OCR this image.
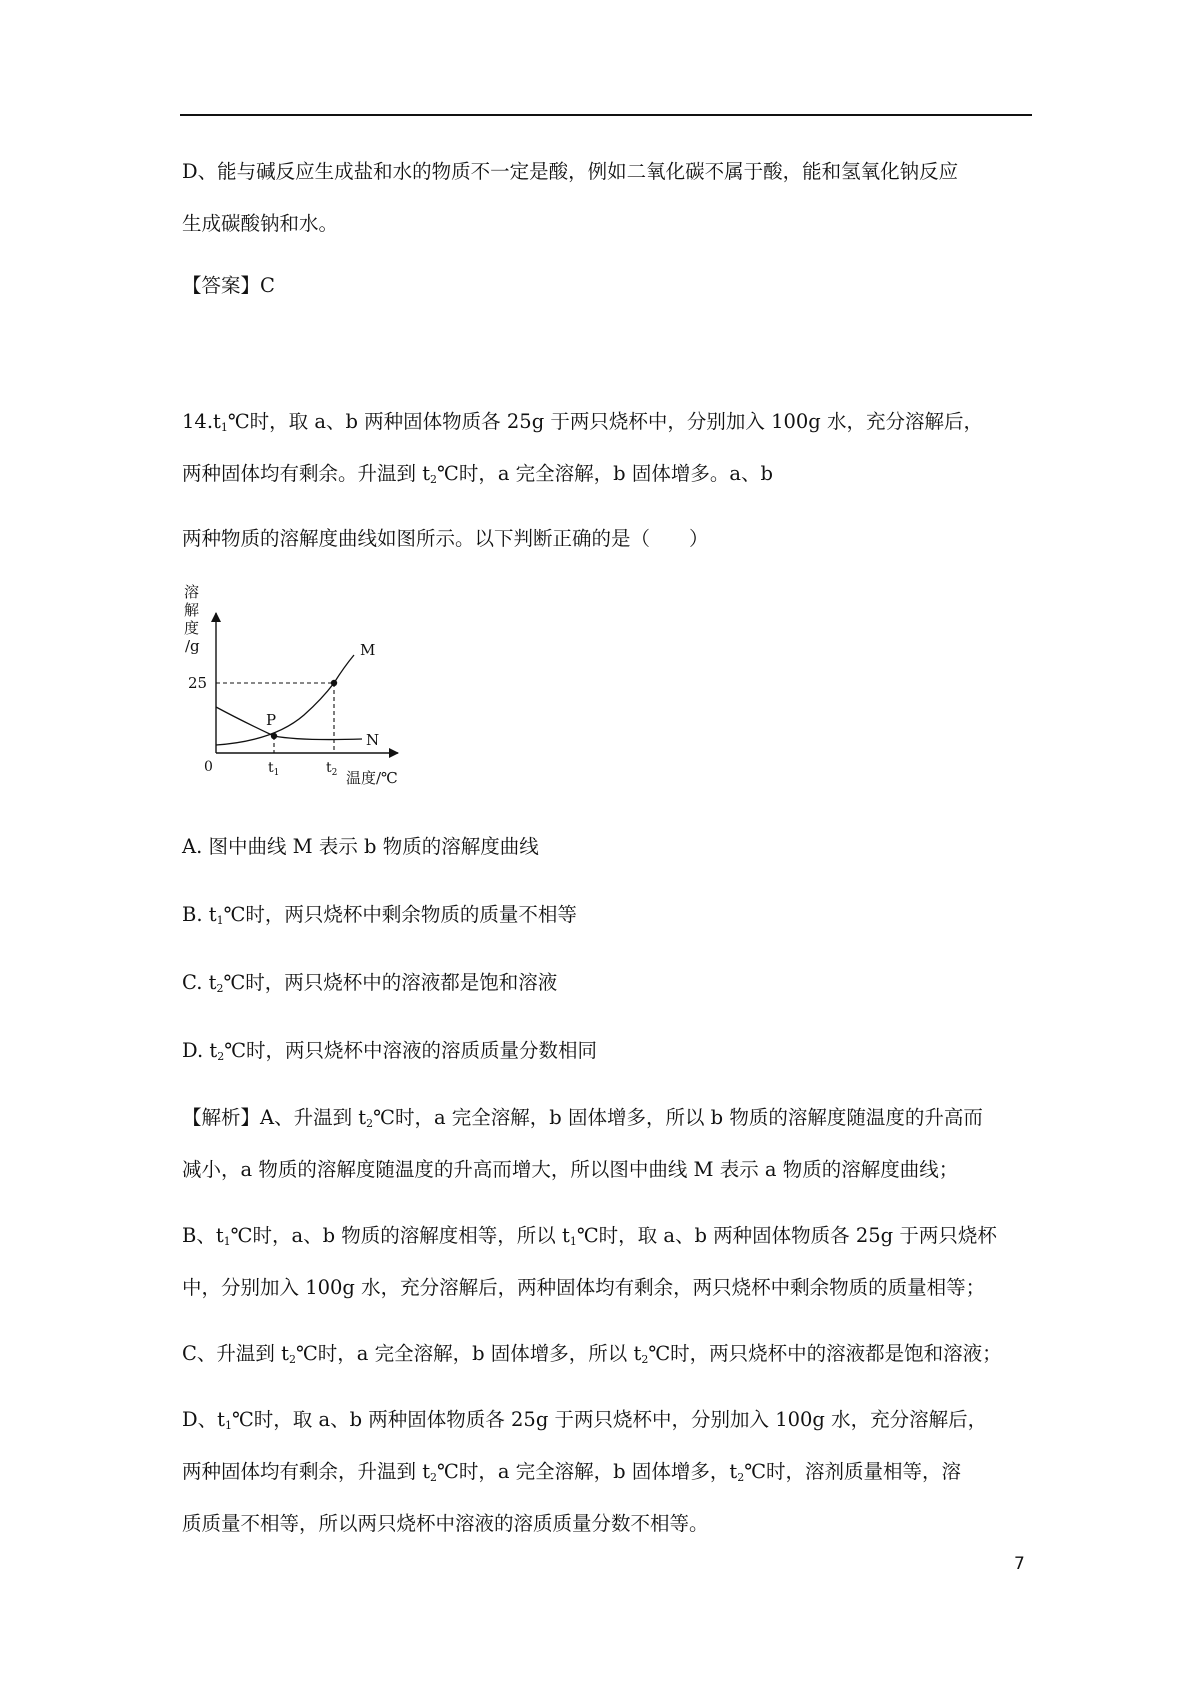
D、能与碱反应生成盐和水的物质不一定是酸，例如二氧化碳不属于酸，能和氢氧化钠反应
生成碳酸钠和水。
【答案】C
$14.t_1℃$时，取 a、b 两种固体物质各 25g 于两只烧杯中，分别加入 100g 水，充分溶解后，
两种固体均有剩余。升温到 $t_2℃$时，a 完全溶解，b 固体增多。a、b
两种物质的溶解度曲线如图所示。以下判断正确的是（　　）
溶
解
度
/g
25
0	$t_1$	$t_2$ 温度/℃
M
N
P
A. 图中曲线 M 表示 b 物质的溶解度曲线
B. $t_1℃$时，两只烧杯中剩余物质的质量不相等
C. $t_2℃$时，两只烧杯中的溶液都是饱和溶液
D. $t_2℃$时，两只烧杯中溶液的溶质质量分数相同
【解析】A、升温到 $t_2℃$时，a 完全溶解，b 固体增多，所以 b 物质的溶解度随温度的升高而
减小，a 物质的溶解度随温度的升高而增大，所以图中曲线 M 表示 a 物质的溶解度曲线；
B、$t_1℃$时，a、b 物质的溶解度相等，所以 $t_1℃$时，取 a、b 两种固体物质各 25g 于两只烧杯
中，分别加入 100g 水，充分溶解后，两种固体均有剩余，两只烧杯中剩余物质的质量相等；
C、升温到 $t_2℃$时，a 完全溶解，b 固体增多，所以 $t_2℃$时，两只烧杯中的溶液都是饱和溶液；
D、$t_1℃$时，取 a、b 两种固体物质各 25g 于两只烧杯中，分别加入 100g 水，充分溶解后，
两种固体均有剩余，升温到 $t_2℃$时，a 完全溶解，b 固体增多，$t_2℃$时，溶剂质量相等，溶
质质量不相等，所以两只烧杯中溶液的溶质质量分数不相等。
7
